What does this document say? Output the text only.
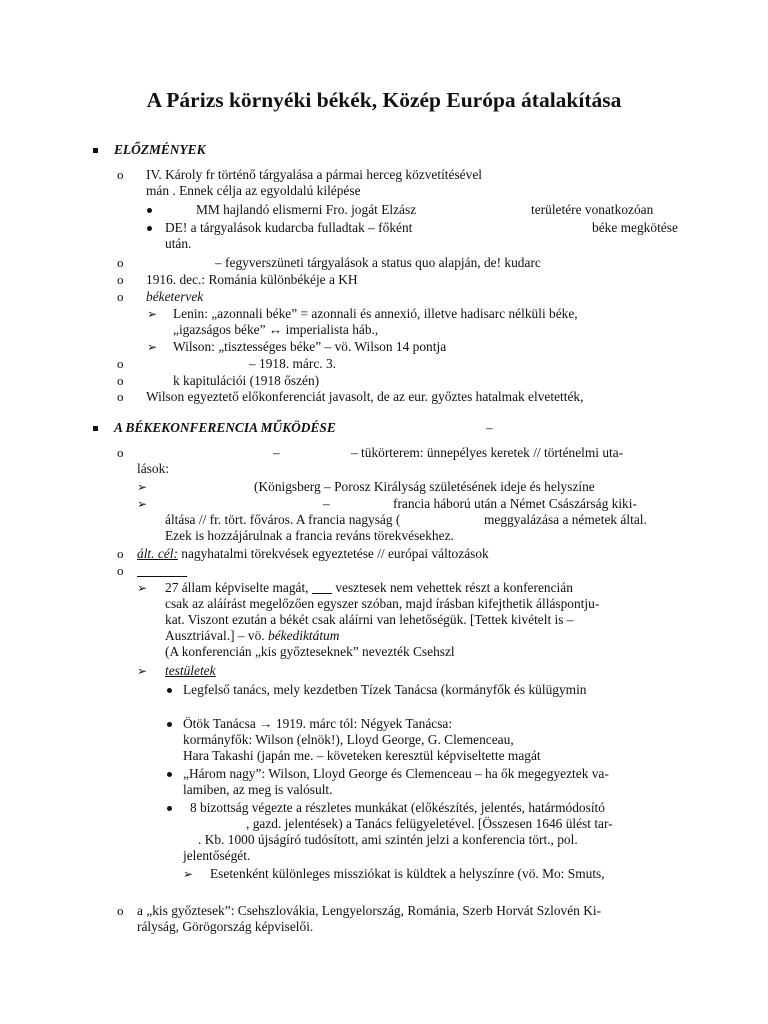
A Párizs környéki békék, Közép Európa átalakítása
ELŐZMÉNYEK
o IV. Károly fr történő tárgyalása a pármai herceg közvetítésével
mán . Ennek célja az egyoldalú kilépése
MM hajlandó elismerni Fro. jogát Elzász	területére vonatkozóan
DE! a tárgyalások kudarcba fulladtak – főként	béke megkötése
után.
o	– fegyverszüneti tárgyalások a status quo alapján, de! kudarc
o 1916. dec.: Románia különbékéje a KH
o béketervek
➢ Lenin: „azonnali béke” = azonnali és annexió, illetve hadisarc nélküli béke,
„igazságos béke” ↔ imperialista háb.,
➢ Wilson: „tisztességes béke” – vö. Wilson 14 pontja
o	– 1918. márc. 3.
o	k kapitulációi (1918 őszén)
o Wilson egyeztető előkonferenciát javasolt, de az eur. győztes hatalmak elvetették,
A BÉKEKONFERENCIA MŰKÖDÉSE	–
o	–	– tükörterem: ünnepélyes keretek // történelmi uta-
lások:
➢	(Königsberg – Porosz Királyság születésének ideje és helyszíne
➢	–	francia háború után a Német Császárság kiki-
áltása // fr. tört. főváros. A francia nagyság (	meggyalázása a németek által.
Ezek is hozzájárulnak a francia reváns törekvésekhez.
o ált. cél: nagyhatalmi törekvések egyeztetése // európai változások
o

➢ 27 állam képviselte magát,        vesztesek nem vehettek részt a konferencián
csak az aláírást megelőzően egyszer szóban, majd írásban kifejthetik álláspontju-
kat. Viszont ezután a békét csak aláírni van lehetőségük. [Tettek kivételt is –
Ausztriával.] – vö. békediktátum
(A konferencián „kis győzteseknek” nevezték Csehszl
➢ testületek
Legfelső tanács, mely kezdetben Tízek Tanácsa (kormányfők és külügymin
Ötök Tanácsa → 1919. márc tól: Négyek Tanácsa:
kormányfők: Wilson (elnök!), Lloyd George, G. Clemenceau,
Hara Takashi (japán me. – követeken keresztül képviseltette magát
„Három nagy”: Wilson, Lloyd George és Clemenceau – ha ők megegyeztek va-
lamiben, az meg is valósult.
8 bizottság végezte a részletes munkákat (előkészítés, jelentés, határmódosító
, gazd. jelentések) a Tanács felügyeletével. [Összesen 1646 ülést tar-
. Kb. 1000 újságíró tudósított, ami szintén jelzi a konferencia tört., pol.
jelentőségét.
➢ Esetenként különleges missziókat is küldtek a helyszínre (vö. Mo: Smuts,
o a „kis győztesek”: Csehszlovákia, Lengyelország, Románia, Szerb Horvát Szlovén Ki-
rályság, Görögország képviselői.
